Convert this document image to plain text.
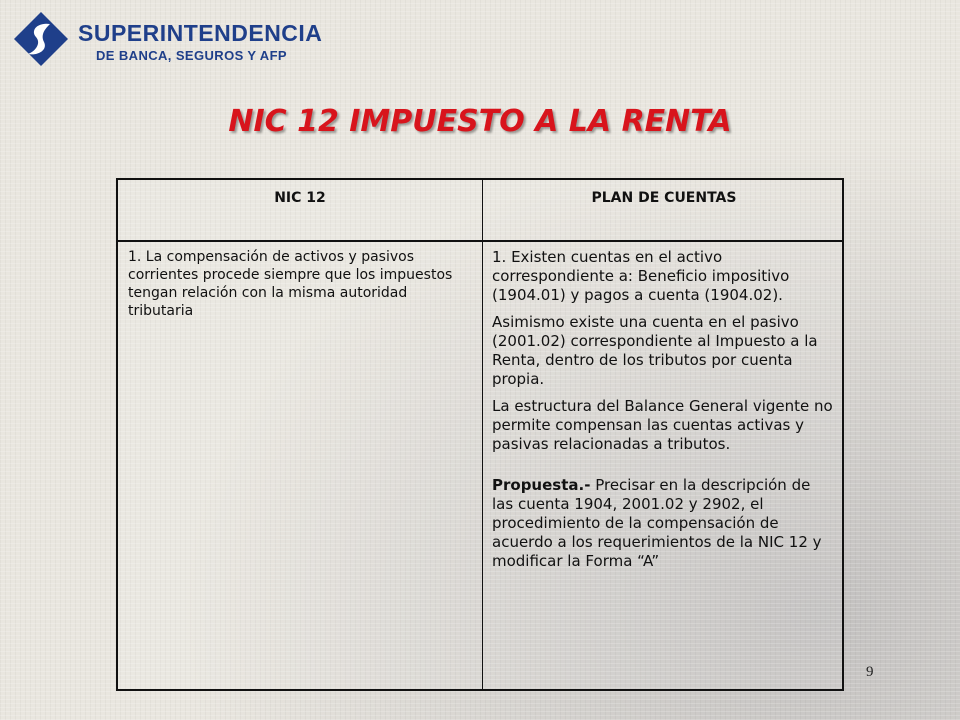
SUPERINTENDENCIA
DE BANCA, SEGUROS Y AFP
NIC 12 IMPUESTO A LA RENTA
NIC 12	PLAN DE CUENTAS

1. La compensación de activos y pasivos corrientes procede siempre que los impuestos tengan relación con la misma autoridad tributaria

1. Existen cuentas en el activo correspondiente a: Beneficio impositivo (1904.01) y pagos a cuenta (1904.02).

Asimismo existe una cuenta en el pasivo (2001.02) correspondiente al Impuesto a la Renta, dentro de los tributos por cuenta propia.

La estructura del Balance General vigente no permite compensan las cuentas activas y pasivas relacionadas a tributos.

Propuesta.- Precisar en la descripción de las cuenta 1904, 2001.02 y 2902, el procedimiento de la compensación de acuerdo a los requerimientos de la NIC 12 y modificar la Forma “A”

9
